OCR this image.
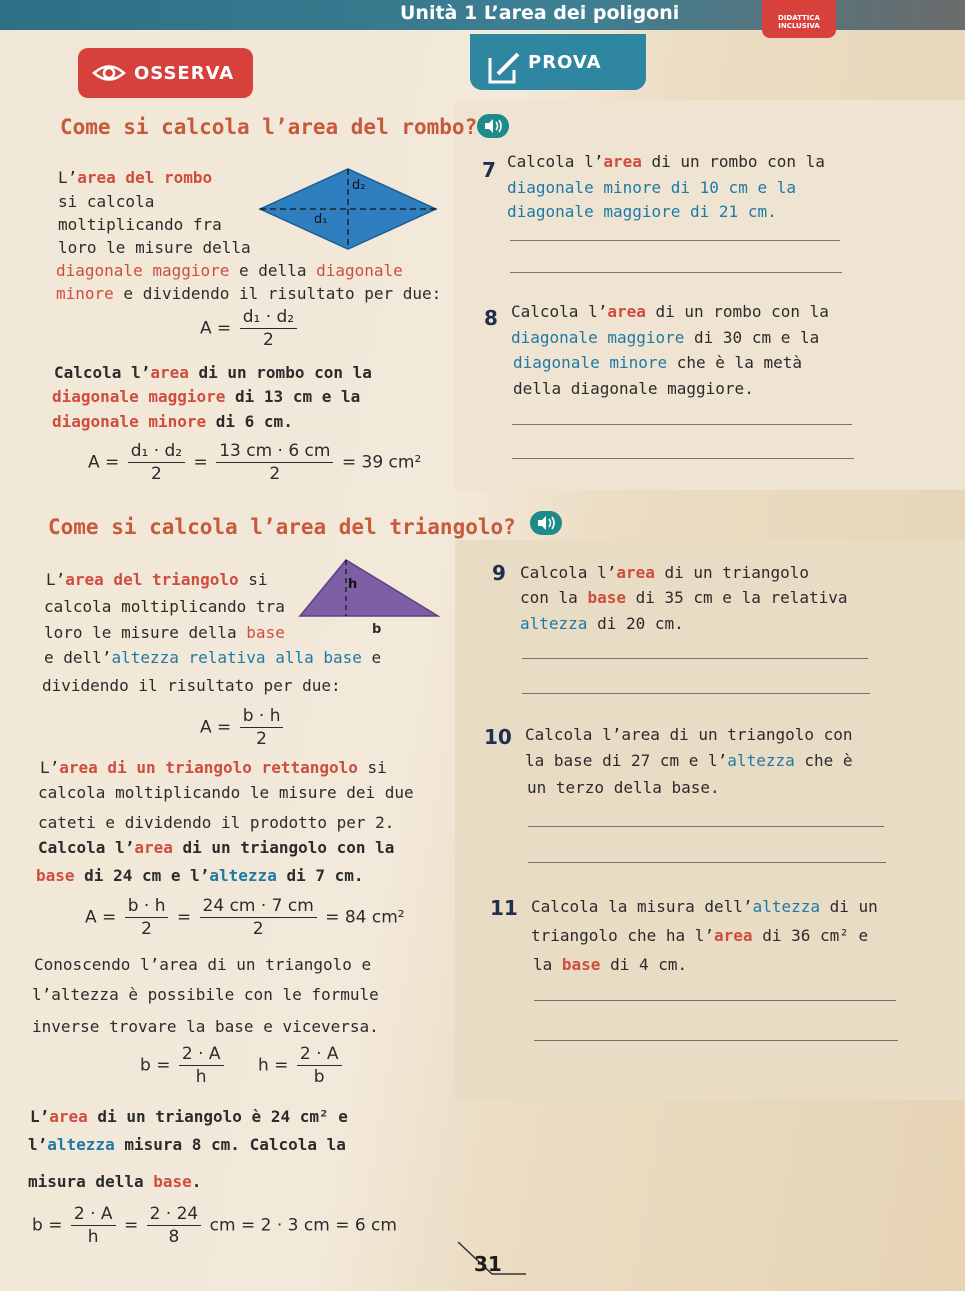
Unità 1 L’area dei poligoni	DIDATTICA INCLUSIVA
OSSERVA
PROVA
Come si calcola l’area del rombo?
L’area del rombo
si calcola
moltiplicando fra
loro le misure della
diagonale maggiore e della diagonale
minore e dividendo il risultato per due:
d₂
d₁
$A = \frac{\text{d₁ · d₂}}{2}$
Calcola l’area di un rombo con la
diagonale maggiore di 13 cm e la
diagonale minore di 6 cm.
$A = \frac{\text{d₁ · d₂}}{2} = \frac{13 cm \cdot 6 cm}{2} = 39$ cm²
7 Calcola l’area di un rombo con la
diagonale minore di 10 cm e la
diagonale maggiore di 21 cm.
8 Calcola l’area di un rombo con la
diagonale maggiore di 30 cm e la
diagonale minore che è la metà
della diagonale maggiore.
Come si calcola l’area del triangolo?
L’area del triangolo si
calcola moltiplicando tra
loro le misure della base
e dell’altezza relativa alla base e
dividendo il risultato per due:
h
b
$A = \frac{b \cdot h}{2}$
L’area di un triangolo rettangolo si
calcola moltiplicando le misure dei due
cateti e dividendo il prodotto per 2.
Calcola l’area di un triangolo con la
base di 24 cm e l’altezza di 7 cm.
$A = \frac{b \cdot h}{2} = \frac{24 cm \cdot 7 cm}{2} = 84$ cm²
Conoscendo l’area di un triangolo e
l’altezza è possibile con le formule
inverse trovare la base e viceversa.
$b = \frac{2 \cdot A}{h}$ $h = \frac{2 \cdot A}{b}$
L’area di un triangolo è 24 cm² e
l’altezza misura 8 cm. Calcola la
misura della base.
$b = \frac{2 \cdot A}{h} = \frac{2 \cdot 24}{8}$ cm = 2 · 3 cm = 6 cm
9 Calcola l’area di un triangolo
con la base di 35 cm e la relativa
altezza di 20 cm.
10 Calcola l’area di un triangolo con
la base di 27 cm e l’altezza che è
un terzo della base.
11 Calcola la misura dell’altezza di un
triangolo che ha l’area di 36 cm² e
la base di 4 cm.
31
